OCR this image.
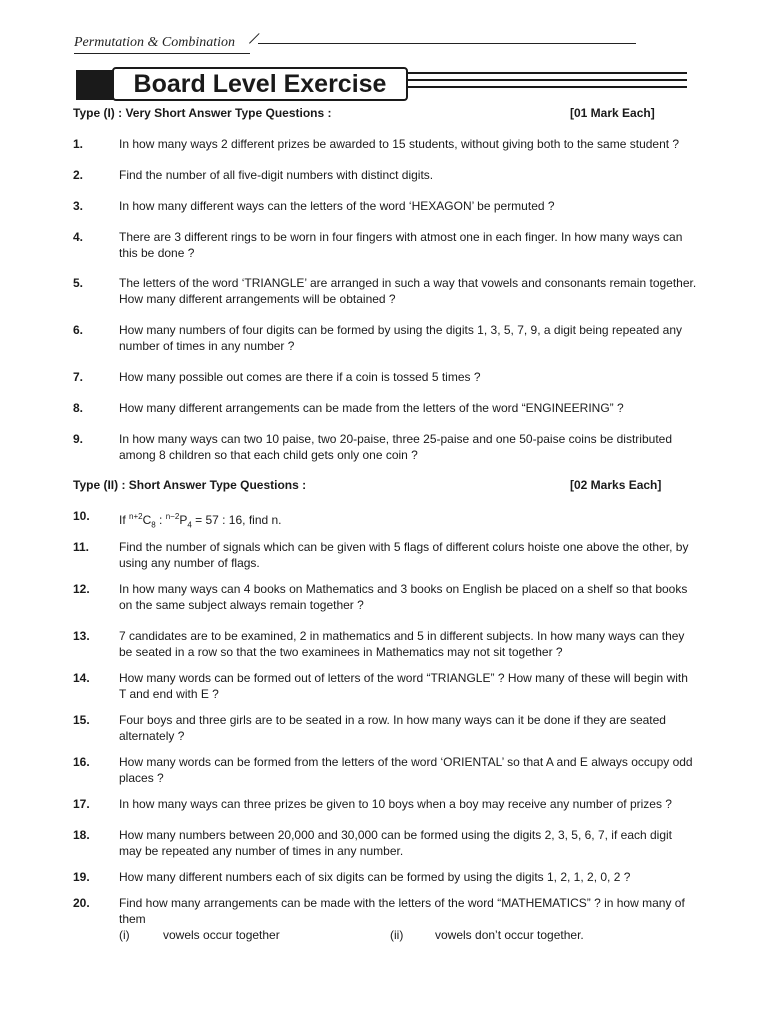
Permutation & Combination
Board Level Exercise
Type (I) : Very Short Answer Type Questions :	[01 Mark Each]
1.	In how many ways 2 different prizes be awarded to 15 students, without giving both to the same student ?
2.	Find the number of all five-digit numbers with distinct digits.
3.	In how many different ways can the letters of the word ‘HEXAGON’ be permuted ?
4.	There are 3 different rings to be worn in four fingers with atmost one in each finger. In how many ways can this be done ?
5.	The letters of the word ‘TRIANGLE’ are arranged in such a way that vowels and consonants remain together. How many different arrangements will be obtained ?
6.	How many numbers of four digits can be formed by using the digits 1, 3, 5, 7, 9, a digit being repeated any number of times in any number ?
7.	How many possible out comes are there if a coin is tossed 5 times ?
8.	How many different arrangements can be made from the letters of the word “ENGINEERING” ?
9.	In how many ways can two 10 paise, two 20-paise, three 25-paise and one 50-paise coins be distributed among 8 children so that each child gets only one coin ?
Type (II) : Short Answer Type Questions :	[02 Marks Each]
10.	If $^{n+2}C_8$ : $^{n-2}P_4 = 57$ : 16, find n.
11.	Find the number of signals which can be given with 5 flags of different colurs hoiste one above the other, by using any number of flags.
12.	In how many ways can 4 books on Mathematics and 3 books on English be placed on a shelf so that books on the same subject always remain together ?
13.	7 candidates are to be examined, 2 in mathematics and 5 in different subjects. In how many ways can they be seated in a row so that the two examinees in Mathematics may not sit together ?
14.	How many words can be formed out of letters of the word “TRIANGLE” ? How many of these will begin with T and end with E ?
15.	Four boys and three girls are to be seated in a row. In how many ways can it be done if they are seated alternately ?
16.	How many words can be formed from the letters of the word ‘ORIENTAL’ so that A and E always occupy odd places ?
17.	In how many ways can three prizes be given to 10 boys when a boy may receive any number of prizes ?
18.	How many numbers between 20,000 and 30,000 can be formed using the digits 2, 3, 5, 6, 7, if each digit may be repeated any number of times in any number.
19.	How many different numbers each of six digits can be formed by using the digits 1, 2, 1, 2, 0, 2 ?
20.	Find how many arrangements can be made with the letters of the word “MATHEMATICS” ? in how many of them
(i)	vowels occur together	(ii)	vowels don’t occur together.
